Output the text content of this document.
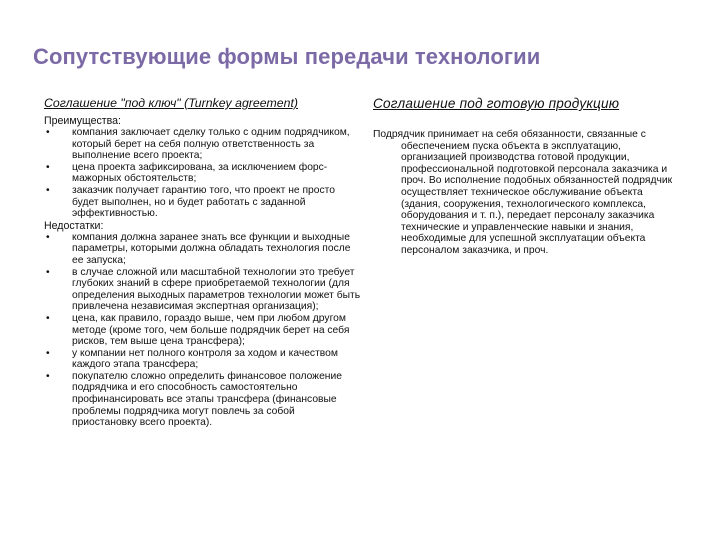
Сопутствующие формы передачи технологии
Соглашение "под ключ" (Turnkey agreement)
Преимущества:
• компания заключает сделку только с одним подрядчиком, который берет на себя полную ответственность за выполнение всего проекта;
• цена проекта зафиксирована, за исключением форс-мажорных обстоятельств;
• заказчик получает гарантию того, что проект не просто будет выполнен, но и будет работать с заданной эффективностью.
Недостатки:
• компания должна заранее знать все функции и выходные параметры, которыми должна обладать технология после ее запуска;
• в случае сложной или масштабной технологии это требует глубоких знаний в сфере приобретаемой технологии (для определения выходных параметров технологии может быть привлечена независимая экспертная организация);
• цена, как правило, гораздо выше, чем при любом другом методе (кроме того, чем больше подрядчик берет на себя рисков, тем выше цена трансфера);
• у компании нет полного контроля за ходом и качеством каждого этапа трансфера;
• покупателю сложно определить финансовое положение подрядчика и его способность самостоятельно профинансировать все этапы трансфера (финансовые проблемы подрядчика могут повлечь за собой приостановку всего проекта).
Соглашение под готовую продукцию
Подрядчик принимает на себя обязанности, связанные с обеспечением пуска объекта в эксплуатацию, организацией производства готовой продукции, профессиональной подготовкой персонала заказчика и проч. Во исполнение подобных обязанностей подрядчик осуществляет техническое обслуживание объекта (здания, сооружения, технологического комплекса, оборудования и т. п.), передает персоналу заказчика технические и управленческие навыки и знания, необходимые для успешной эксплуатации объекта персоналом заказчика, и проч.
